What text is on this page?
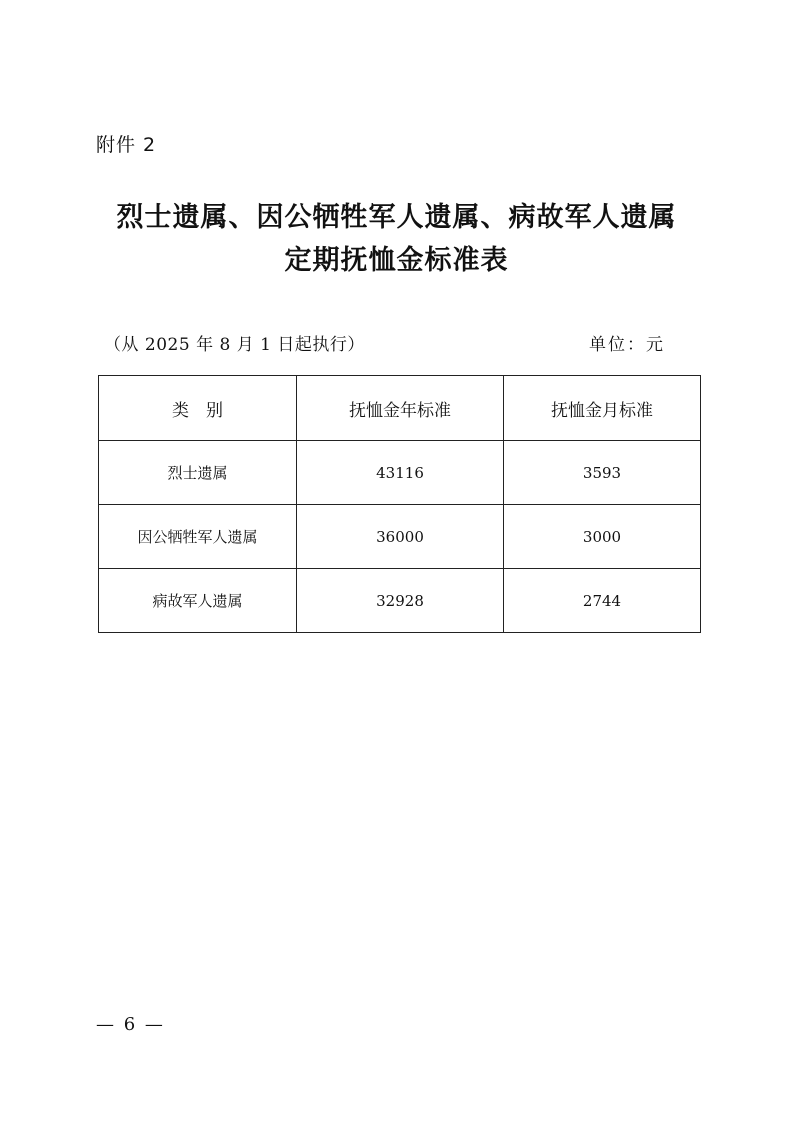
附件 2
烈士遗属、因公牺牲军人遗属、病故军人遗属
定期抚恤金标准表
（从 2025 年 8 月 1 日起执行）	单位：元
类　别	抚恤金年标准	抚恤金月标准
烈士遗属	43116	3593
因公牺牲军人遗属	36000	3000
病故军人遗属	32928	2744
— 6 —
